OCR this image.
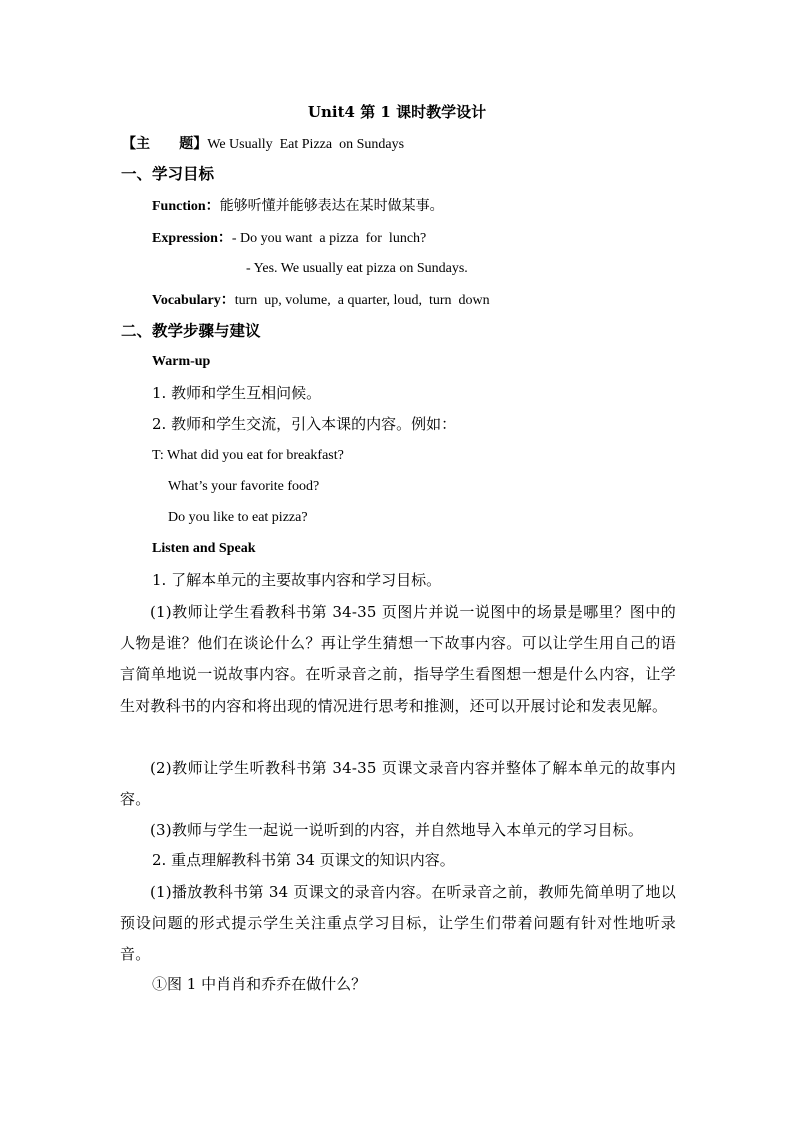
Unit4 第 1 课时教学设计
【主      题】We Usually  Eat Pizza  on Sundays
一、学习目标
Function：能够听懂并能够表达在某时做某事。
Expression：- Do you want  a pizza  for  lunch?
- Yes. We usually eat pizza on Sundays.
Vocabulary：turn  up, volume,  a quarter, loud,  turn  down
二、教学步骤与建议
Warm-up
1. 教师和学生互相问候。
2. 教师和学生交流，引入本课的内容。例如：
T: What did you eat for breakfast?
What’s your favorite food?
Do you like to eat pizza?
Listen and Speak
1. 了解本单元的主要故事内容和学习目标。
(1)教师让学生看教科书第 34-35 页图片并说一说图中的场景是哪里？图中的人物是谁？他们在谈论什么？再让学生猜想一下故事内容。可以让学生用自己的语言简单地说一说故事内容。在听录音之前，指导学生看图想一想是什么内容，让学生对教科书的内容和将出现的情况进行思考和推测，还可以开展讨论和发表见解。
(2)教师让学生听教科书第 34-35 页课文录音内容并整体了解本单元的故事内容。
(3)教师与学生一起说一说听到的内容，并自然地导入本单元的学习目标。
2. 重点理解教科书第 34 页课文的知识内容。
(1)播放教科书第 34 页课文的录音内容。在听录音之前，教师先简单明了地以预设问题的形式提示学生关注重点学习目标，让学生们带着问题有针对性地听录音。
①图 1 中肖肖和乔乔在做什么？
